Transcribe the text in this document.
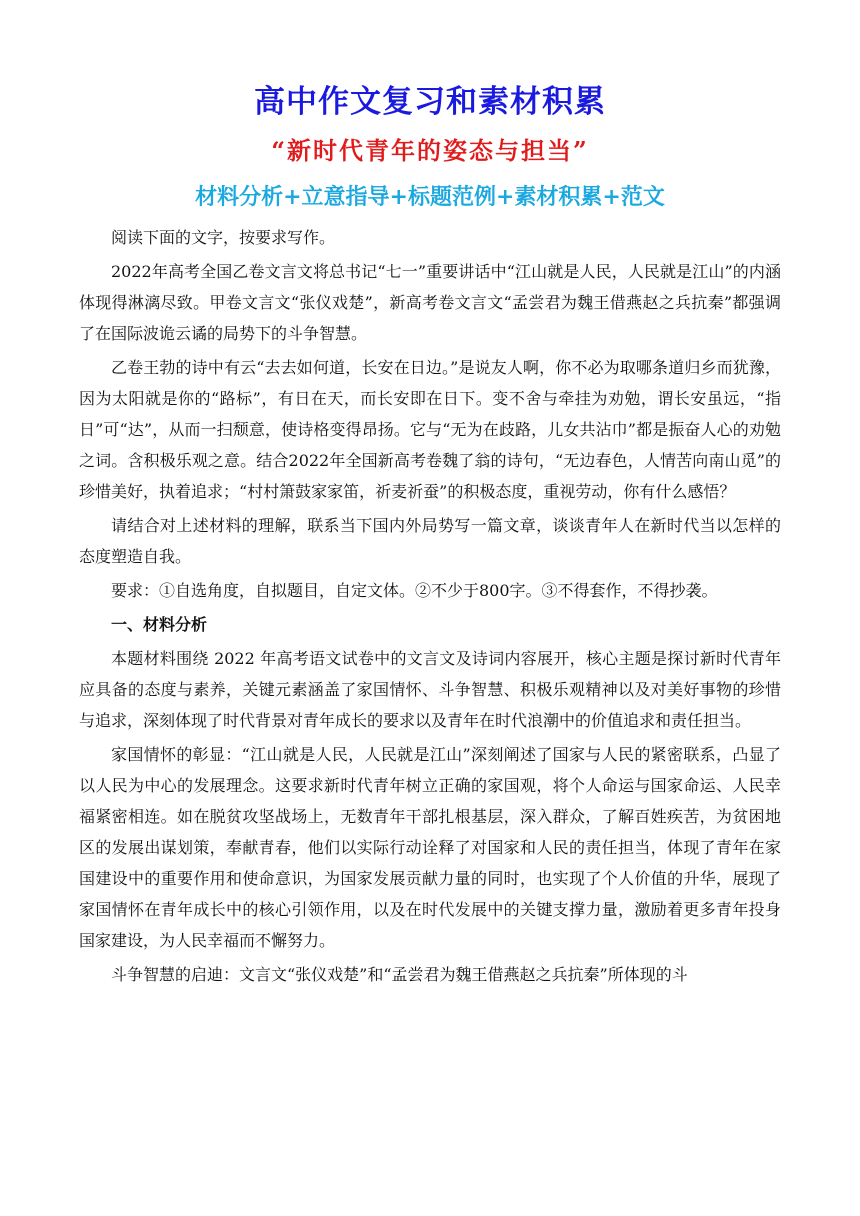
高中作文复习和素材积累
“新时代青年的姿态与担当”
材料分析+立意指导+标题范例+素材积累+范文

阅读下面的文字，按要求写作。

2022年高考全国乙卷文言文将总书记“七一”重要讲话中“江山就是人民，人民就是江山”的内涵体现得淋漓尽致。甲卷文言文“张仪戏楚”，新高考卷文言文“孟尝君为魏王借燕赵之兵抗秦”都强调了在国际波诡云谲的局势下的斗争智慧。

乙卷王勃的诗中有云“去去如何道，长安在日边。”是说友人啊，你不必为取哪条道归乡而犹豫，因为太阳就是你的“路标”，有日在天，而长安即在日下。变不舍与牵挂为劝勉，谓长安虽远，“指日”可“达”，从而一扫颓意，使诗格变得昂扬。它与“无为在歧路，儿女共沾巾”都是振奋人心的劝勉之词。含积极乐观之意。结合2022年全国新高考卷魏了翁的诗句，“无边春色，人情苦向南山觅”的珍惜美好，执着追求；“村村箫鼓家家笛，祈麦祈蚕”的积极态度，重视劳动，你有什么感悟？

请结合对上述材料的理解，联系当下国内外局势写一篇文章，谈谈青年人在新时代当以怎样的态度塑造自我。

要求：①自选角度，自拟题目，自定文体。②不少于800字。③不得套作，不得抄袭。

一、材料分析

本题材料围绕 2022 年高考语文试卷中的文言文及诗词内容展开，核心主题是探讨新时代青年应具备的态度与素养，关键元素涵盖了家国情怀、斗争智慧、积极乐观精神以及对美好事物的珍惜与追求，深刻体现了时代背景对青年成长的要求以及青年在时代浪潮中的价值追求和责任担当。

家国情怀的彰显：“江山就是人民，人民就是江山”深刻阐述了国家与人民的紧密联系，凸显了以人民为中心的发展理念。这要求新时代青年树立正确的家国观，将个人命运与国家命运、人民幸福紧密相连。如在脱贫攻坚战场上，无数青年干部扎根基层，深入群众，了解百姓疾苦，为贫困地区的发展出谋划策，奉献青春，他们以实际行动诠释了对国家和人民的责任担当，体现了青年在家国建设中的重要作用和使命意识，为国家发展贡献力量的同时，也实现了个人价值的升华，展现了家国情怀在青年成长中的核心引领作用，以及在时代发展中的关键支撑力量，激励着更多青年投身国家建设，为人民幸福而不懈努力。

斗争智慧的启迪：文言文“张仪戏楚”和“孟尝君为魏王借燕赵之兵抗秦”所体现的斗
